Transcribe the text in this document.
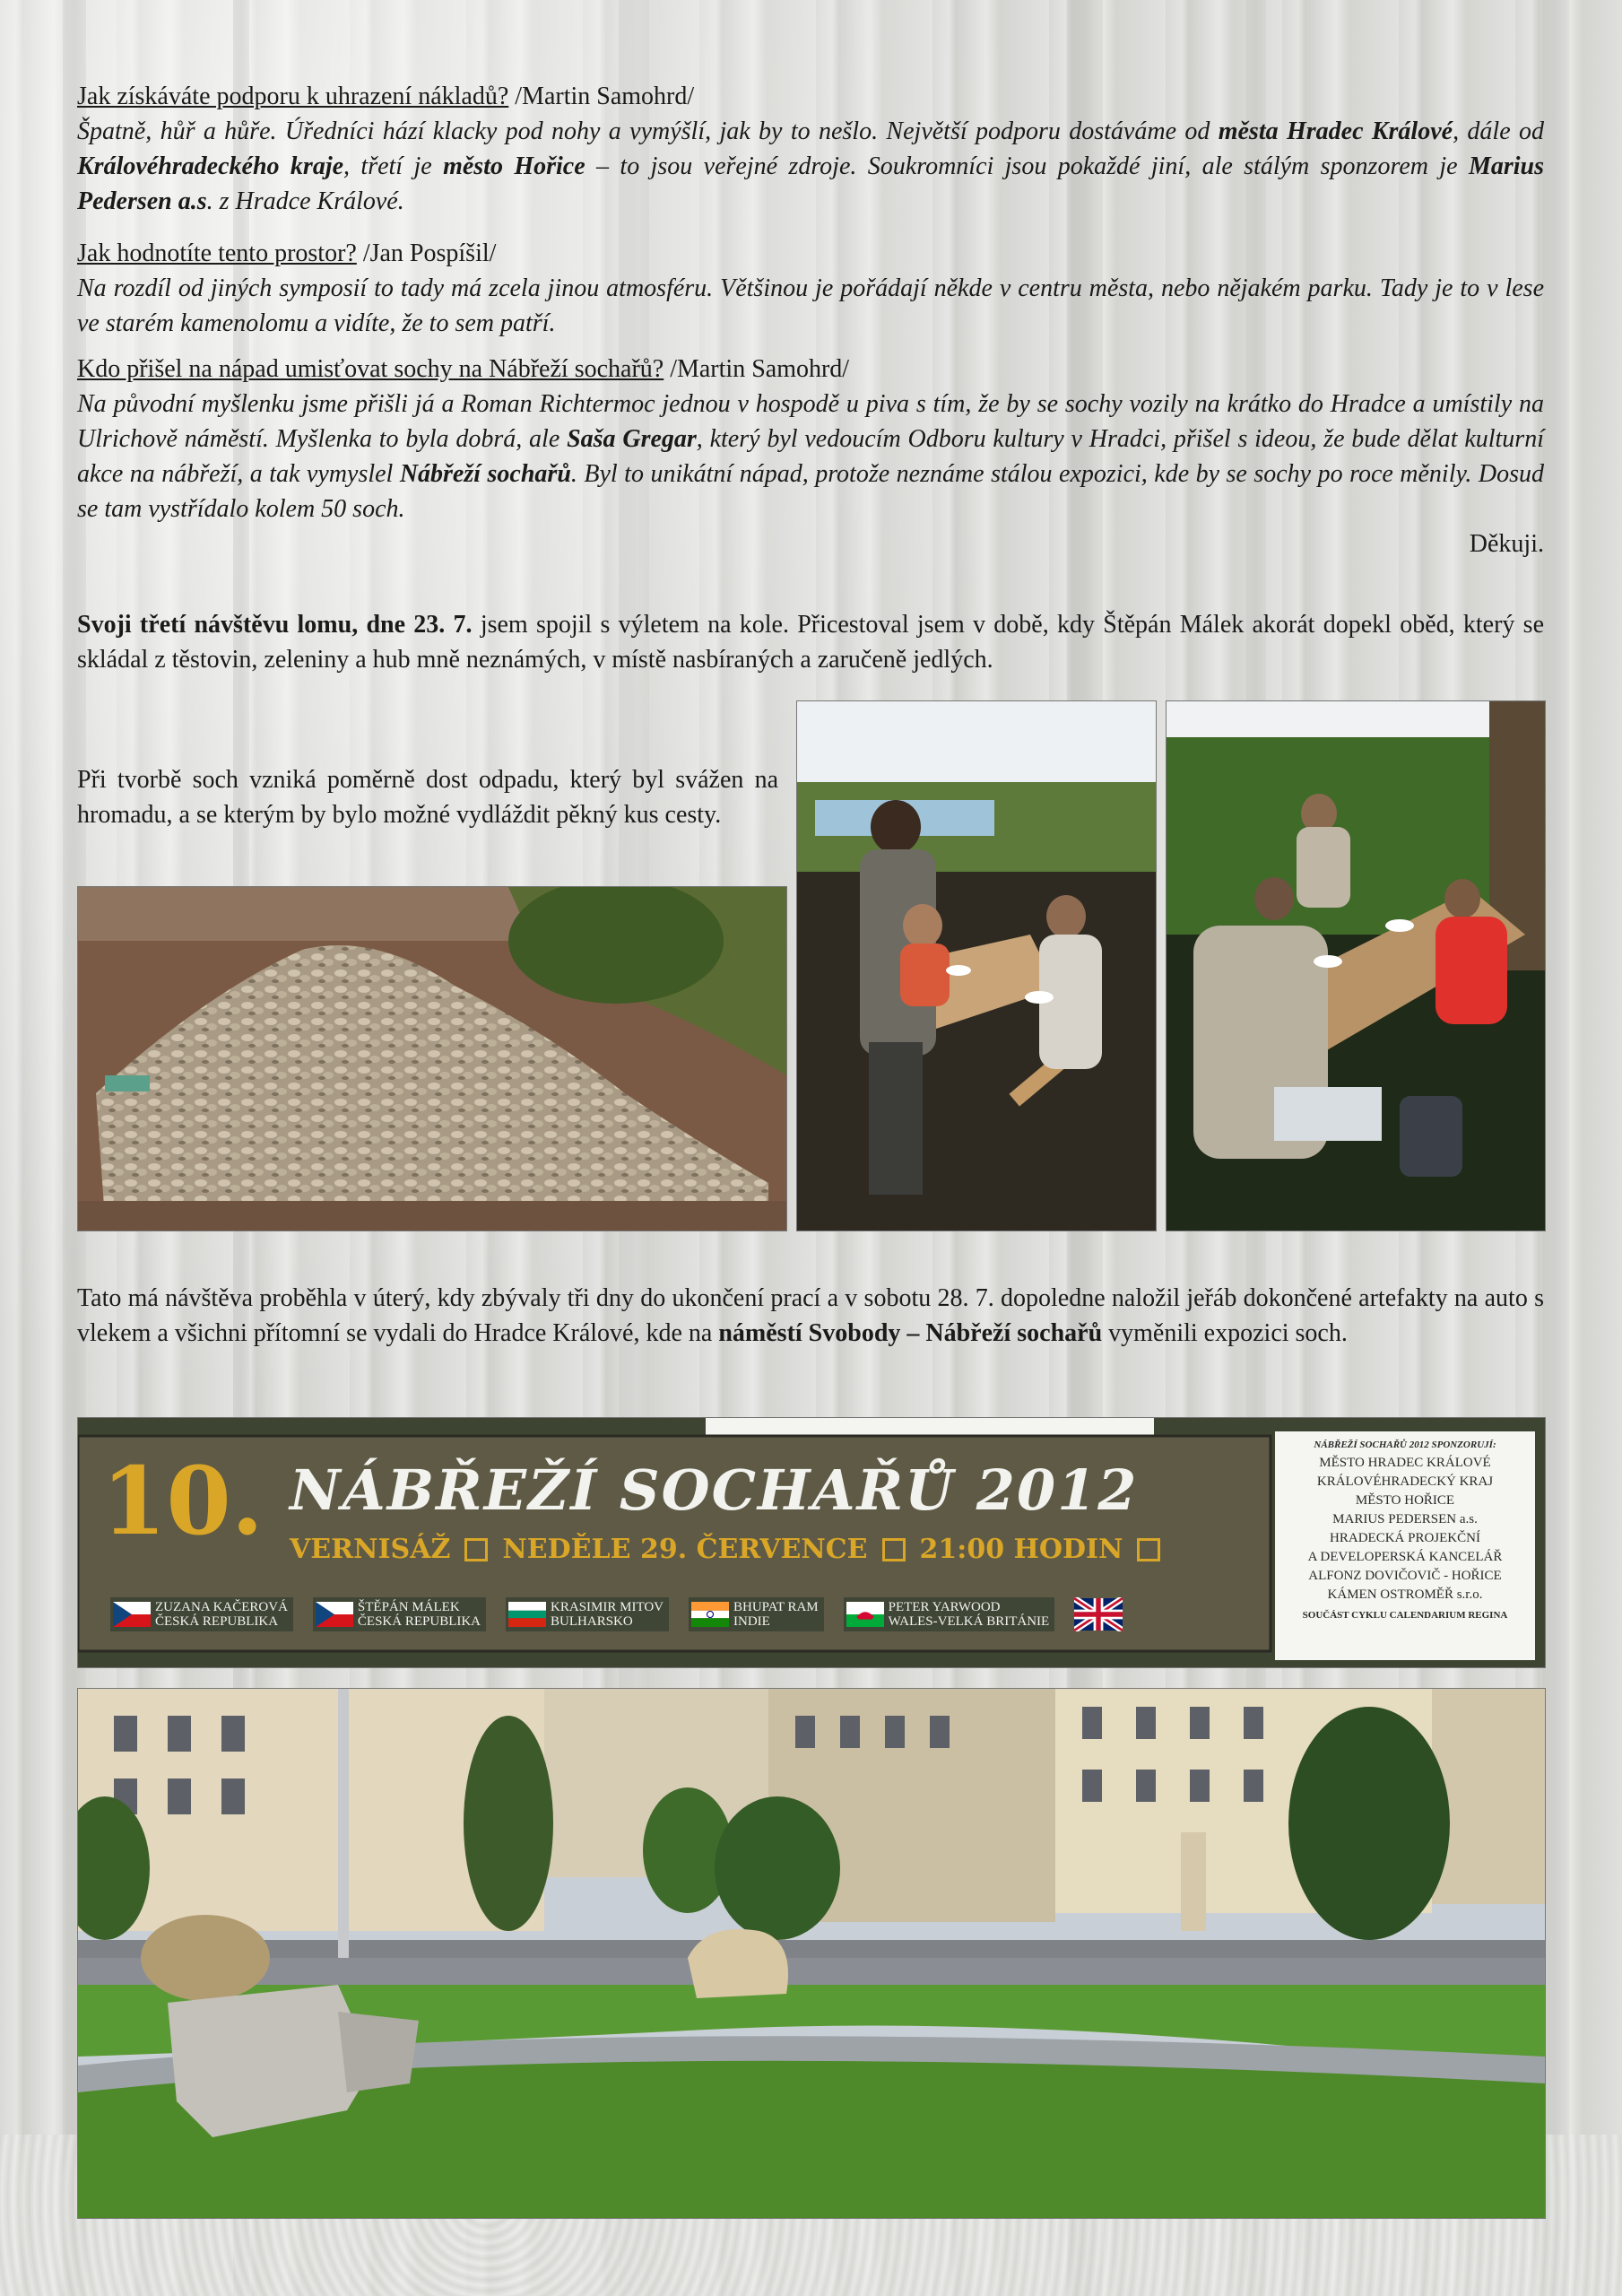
Jak získáváte podporu k uhrazení nákladů? /Martin Samohrd/
Špatně, hůř a hůře. Úředníci hází klacky pod nohy a vymýšlí, jak by to nešlo. Největší podporu dostáváme od města Hradec Králové, dále od Královéhradeckého kraje, třetí je město Hořice – to jsou veřejné zdroje. Soukromníci jsou pokaždé jiní, ale stálým sponzorem je Marius Pedersen a.s. z Hradce Králové.
Jak hodnotíte tento prostor? /Jan Pospíšil/
Na rozdíl od jiných symposií to tady má zcela jinou atmosféru. Většinou je pořádají někde v centru města, nebo nějakém parku. Tady je to v lese ve starém kamenolomu a vidíte, že to sem patří.
Kdo přišel na nápad umisťovat sochy na Nábřeží sochařů? /Martin Samohrd/
Na původní myšlenku jsme přišli já a Roman Richtermoc jednou v hospodě u piva s tím, že by se sochy vozily na krátko do Hradce a umístily na Ulrichově náměstí. Myšlenka to byla dobrá, ale Saša Gregar, který byl vedoucím Odboru kultury v Hradci, přišel s ideou, že bude dělat kulturní akce na nábřeží, a tak vymyslel Nábřeží sochařů. Byl to unikátní nápad, protože neznáme stálou expozici, kde by se sochy po roce měnily. Dosud se tam vystřídalo kolem 50 soch.
Děkuji.
Svoji třetí návštěvu lomu, dne 23. 7. jsem spojil s výletem na kole. Přicestoval jsem v době, kdy Štěpán Málek akorát dopekl oběd, který se skládal z těstovin, zeleniny a hub mně neznámých, v místě nasbíraných a zaručeně jedlých.
Při tvorbě soch vzniká poměrně dost odpadu, který byl svážen na hromadu, a se kterým by bylo možné vydláždit pěkný kus cesty.
Tato má návštěva proběhla v úterý, kdy zbývaly tři dny do ukončení prací a v sobotu 28. 7. dopoledne naložil jeřáb dokončené artefakty na auto s vlekem a všichni přítomní se vydali do Hradce Králové, kde na náměstí Svobody – Nábřeží sochařů vyměnili expozici soch.
10. NÁBŘEŽÍ SOCHAŘŮ 2012
VERNISÁŽ NEDĚLE 29. ČERVENCE 21:00 HODIN
ZUZANA KAČEROVÁ
ČESKÁ REPUBLIKA
ŠTĚPÁN MÁLEK
ČESKÁ REPUBLIKA
KRASIMIR MITOV
BULHARSKO
BHUPAT RAM
INDIE
PETER YARWOOD
WALES-VELKÁ BRITÁNIE
NÁBŘEŽÍ SOCHAŘŮ 2012 SPONZORUJÍ:
MĚSTO HRADEC KRÁLOVÉ
KRÁLOVÉHRADECKÝ KRAJ
MĚSTO HOŘICE
MARIUS PEDERSEN a.s.
HRADECKÁ PROJEKČNÍ
A DEVELOPERSKÁ KANCELÁŘ
ALFONZ DOVIČOVIČ - HOŘICE
KÁMEN OSTROMĚŘ s.r.o.
SOUČÁST CYKLU CALENDARIUM REGINA
